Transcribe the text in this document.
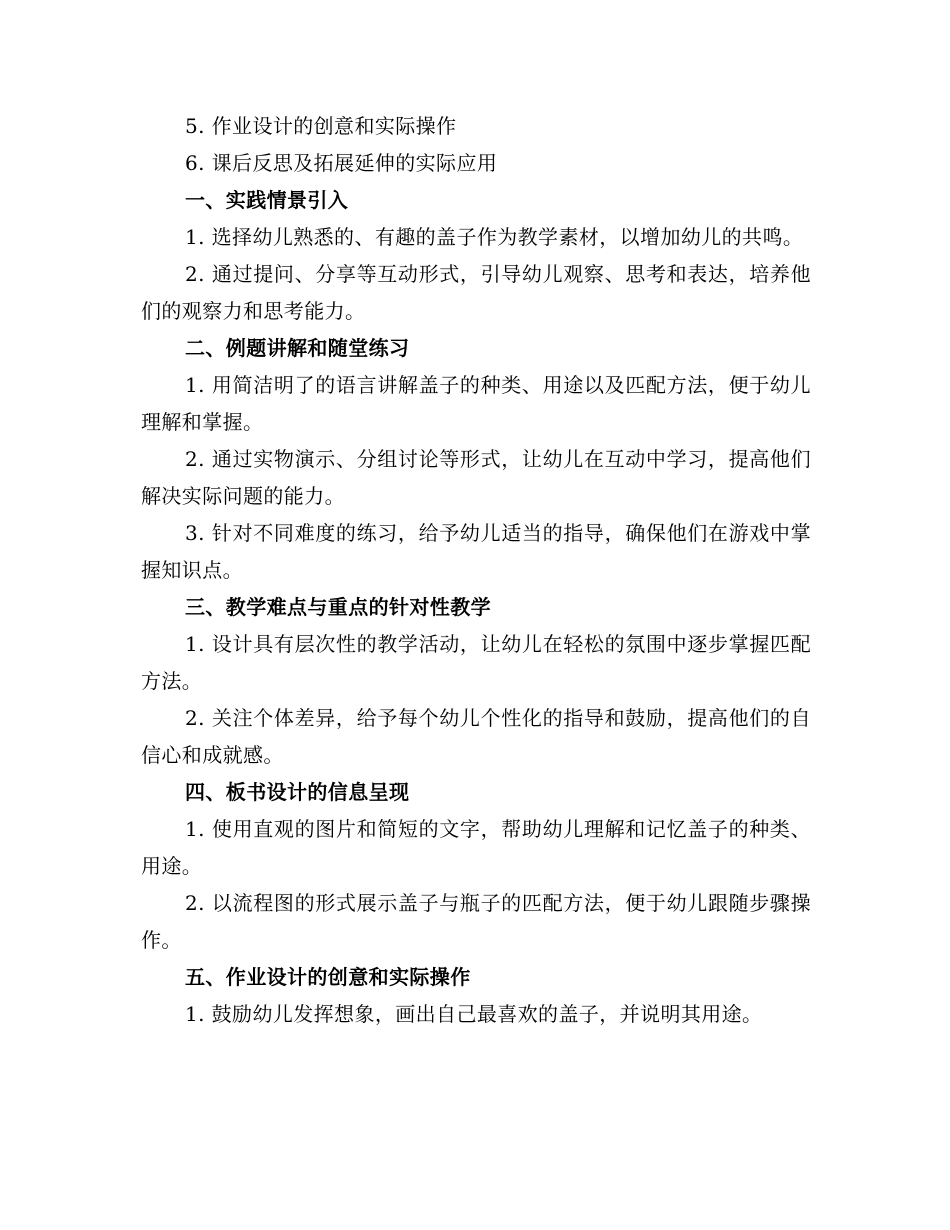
5. 作业设计的创意和实际操作

6. 课后反思及拓展延伸的实际应用

一、实践情景引入

1. 选择幼儿熟悉的、有趣的盖子作为教学素材，以增加幼儿的共鸣。

2. 通过提问、分享等互动形式，引导幼儿观察、思考和表达，培养他们的观察力和思考能力。

二、例题讲解和随堂练习

1. 用简洁明了的语言讲解盖子的种类、用途以及匹配方法，便于幼儿理解和掌握。

2. 通过实物演示、分组讨论等形式，让幼儿在互动中学习，提高他们解决实际问题的能力。

3. 针对不同难度的练习，给予幼儿适当的指导，确保他们在游戏中掌握知识点。

三、教学难点与重点的针对性教学

1. 设计具有层次性的教学活动，让幼儿在轻松的氛围中逐步掌握匹配方法。

2. 关注个体差异，给予每个幼儿个性化的指导和鼓励，提高他们的自信心和成就感。

四、板书设计的信息呈现

1. 使用直观的图片和简短的文字，帮助幼儿理解和记忆盖子的种类、用途。

2. 以流程图的形式展示盖子与瓶子的匹配方法，便于幼儿跟随步骤操作。

五、作业设计的创意和实际操作

1. 鼓励幼儿发挥想象，画出自己最喜欢的盖子，并说明其用途。
